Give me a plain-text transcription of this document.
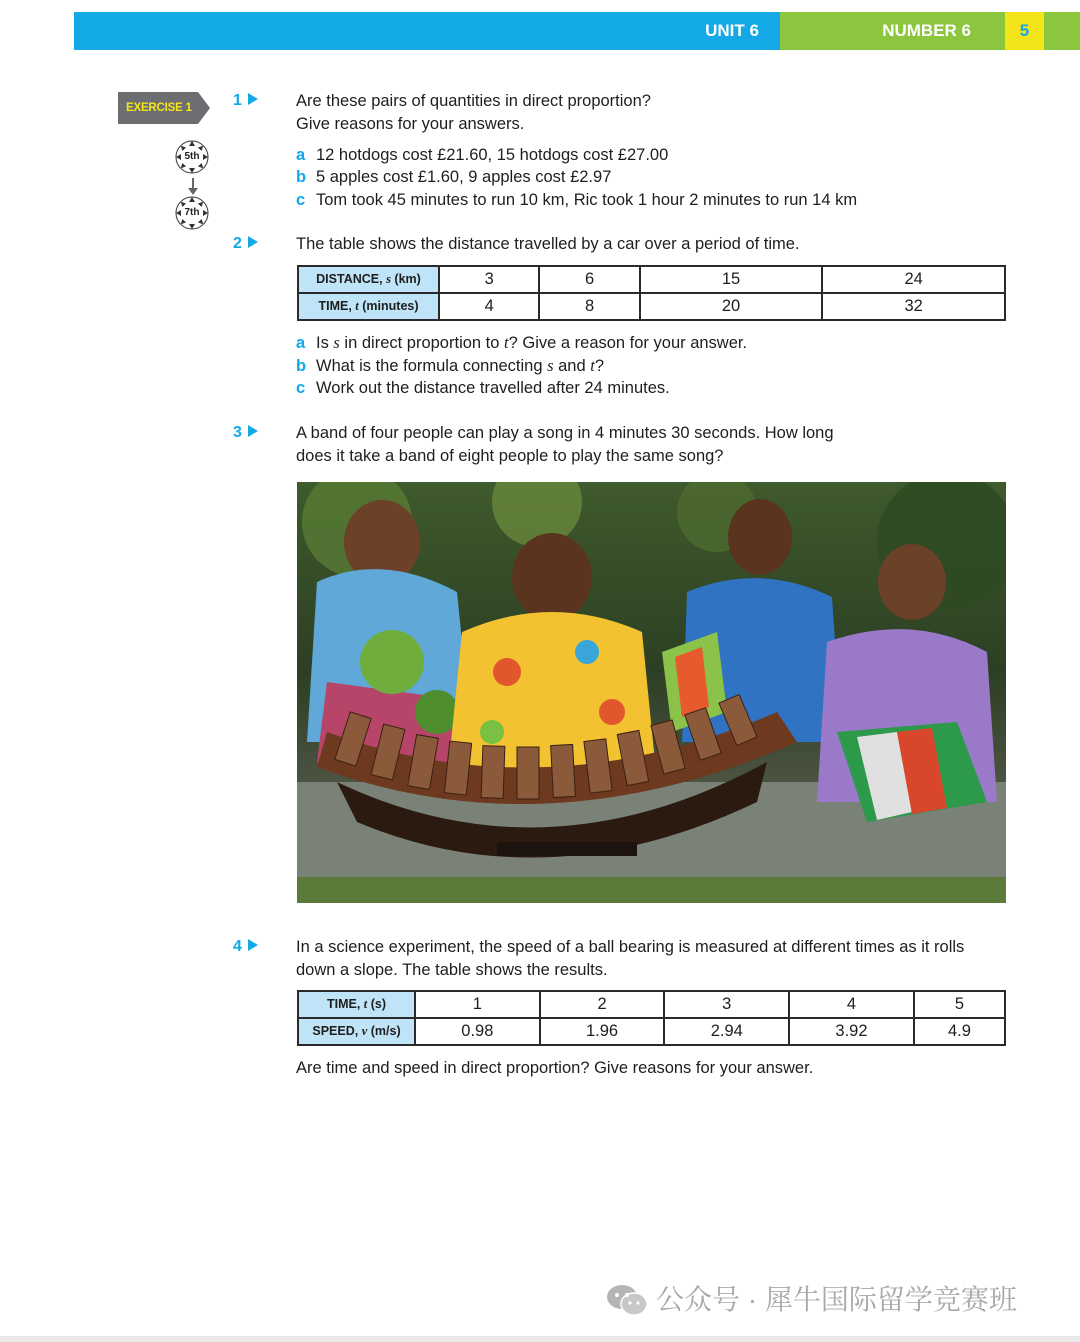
UNIT 6	NUMBER 6	5
EXERCISE 1
5th
7th
1	Are these pairs of quantities in direct proportion?
Give reasons for your answers.
a 12 hotdogs cost £21.60, 15 hotdogs cost £27.00
b 5 apples cost £1.60, 9 apples cost £2.97
c Tom took 45 minutes to run 10 km, Ric took 1 hour 2 minutes to run 14 km
2	The table shows the distance travelled by a car over a period of time.
DISTANCE, s (km)	3	6	15	24
TIME, t (minutes)	4	8	20	32
a Is s in direct proportion to t? Give a reason for your answer.
b What is the formula connecting s and t?
c Work out the distance travelled after 24 minutes.
3	A band of four people can play a song in 4 minutes 30 seconds. How long
does it take a band of eight people to play the same song?
4	In a science experiment, the speed of a ball bearing is measured at different times as it rolls
down a slope. The table shows the results.
TIME, t (s)	1	2	3	4	5
SPEED, v (m/s)	0.98	1.96	2.94	3.92	4.9
Are time and speed in direct proportion? Give reasons for your answer.
公众号 · 犀牛国际留学竞赛班
